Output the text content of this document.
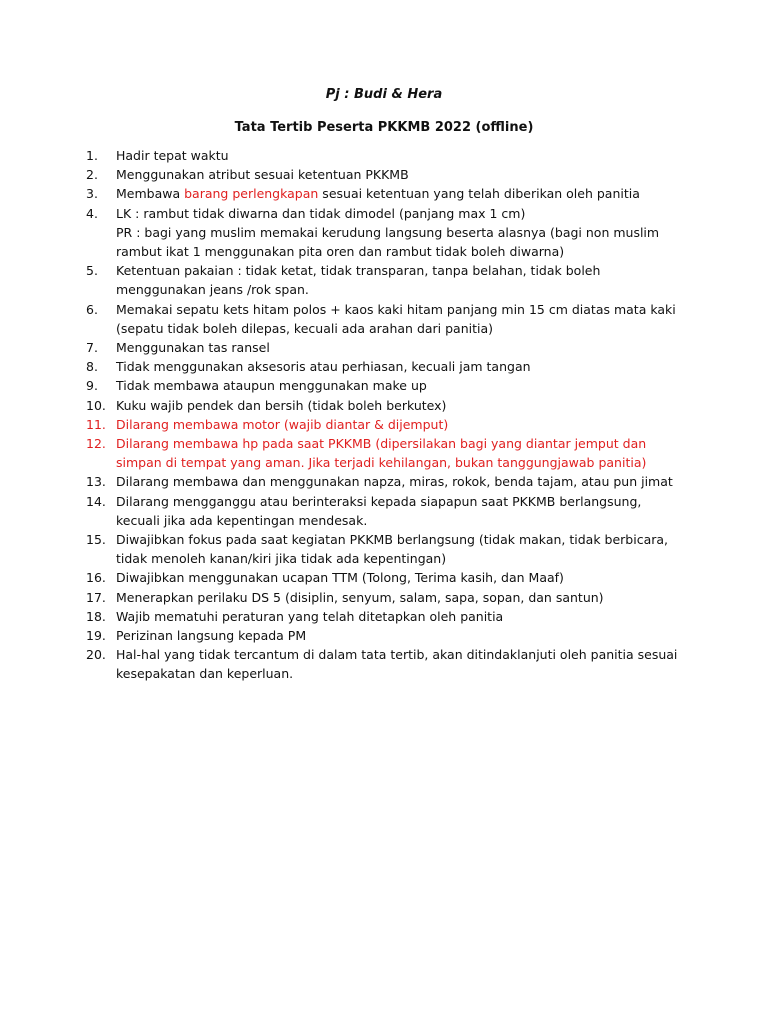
Pj : Budi & Hera
Tata Tertib Peserta PKKMB 2022 (offline)
1.	Hadir tepat waktu
2.	Menggunakan atribut sesuai ketentuan PKKMB
3.	Membawa barang perlengkapan sesuai ketentuan yang telah diberikan oleh panitia
4.	LK : rambut tidak diwarna dan tidak dimodel (panjang max 1 cm)
PR : bagi yang muslim memakai kerudung langsung beserta alasnya (bagi non muslim
rambut ikat 1 menggunakan pita oren dan rambut tidak boleh diwarna)
5.	Ketentuan pakaian : tidak ketat, tidak transparan, tanpa belahan, tidak boleh
menggunakan jeans /rok span.
6.	Memakai sepatu kets hitam polos + kaos kaki hitam panjang min 15 cm diatas mata kaki
(sepatu tidak boleh dilepas, kecuali ada arahan dari panitia)
7.	Menggunakan tas ransel
8.	Tidak menggunakan aksesoris atau perhiasan, kecuali jam tangan
9.	Tidak membawa ataupun menggunakan make up
10. Kuku wajib pendek dan bersih (tidak boleh berkutex)
11. Dilarang membawa motor (wajib diantar & dijemput)
12. Dilarang membawa hp pada saat PKKMB (dipersilakan bagi yang diantar jemput dan
simpan di tempat yang aman. Jika terjadi kehilangan, bukan tanggungjawab panitia)
13. Dilarang membawa dan menggunakan napza, miras, rokok, benda tajam, atau pun jimat
14. Dilarang mengganggu atau berinteraksi kepada siapapun saat PKKMB berlangsung,
kecuali jika ada kepentingan mendesak.
15. Diwajibkan fokus pada saat kegiatan PKKMB berlangsung (tidak makan, tidak berbicara,
tidak menoleh kanan/kiri jika tidak ada kepentingan)
16. Diwajibkan menggunakan ucapan TTM (Tolong, Terima kasih, dan Maaf)
17. Menerapkan perilaku DS 5 (disiplin, senyum, salam, sapa, sopan, dan santun)
18. Wajib mematuhi peraturan yang telah ditetapkan oleh panitia
19. Perizinan langsung kepada PM
20. Hal-hal yang tidak tercantum di dalam tata tertib, akan ditindaklanjuti oleh panitia sesuai
kesepakatan dan keperluan.
